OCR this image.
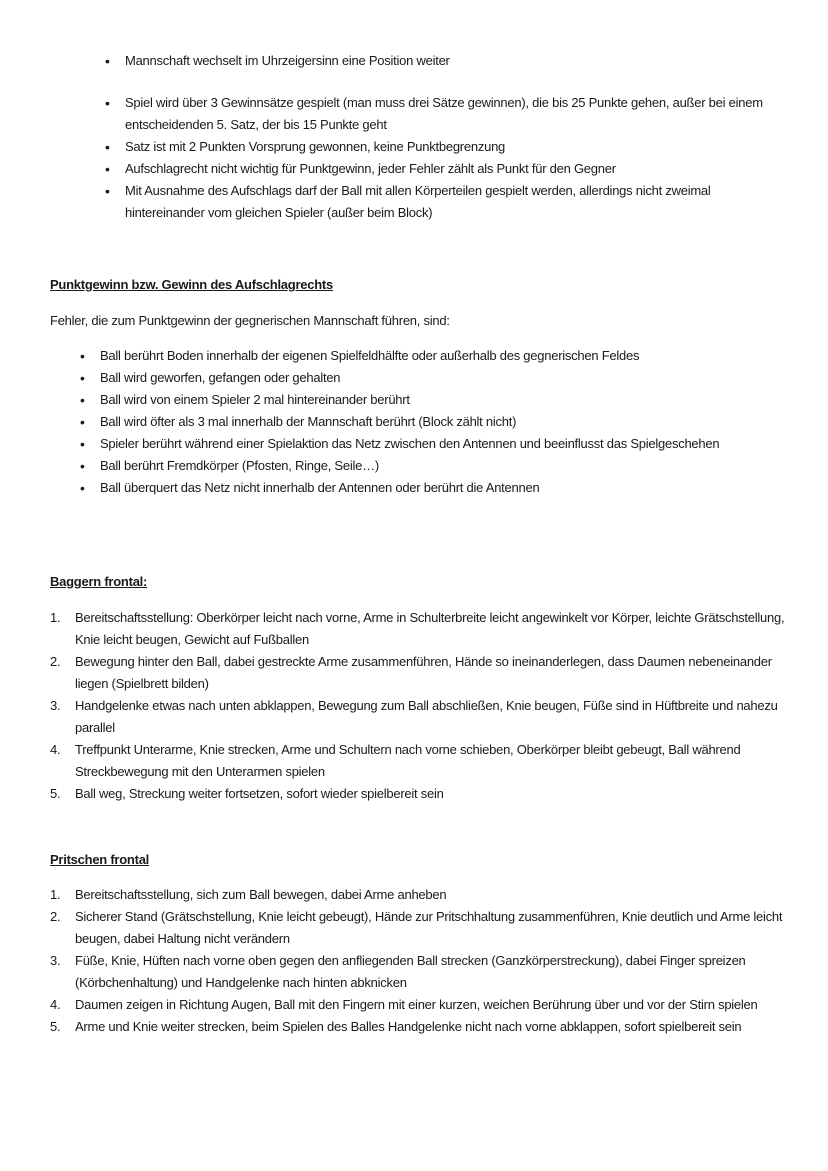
• Mannschaft wechselt im Uhrzeigersinn eine Position weiter
• Spiel wird über 3 Gewinnsätze gespielt (man muss drei Sätze gewinnen), die bis 25 Punkte gehen, außer bei einem entscheidenden 5. Satz, der bis 15 Punkte geht
• Satz ist mit 2 Punkten Vorsprung gewonnen, keine Punktbegrenzung
• Aufschlagrecht nicht wichtig für Punktgewinn, jeder Fehler zählt als Punkt für den Gegner
• Mit Ausnahme des Aufschlags darf der Ball mit allen Körperteilen gespielt werden, allerdings nicht zweimal hintereinander vom gleichen Spieler (außer beim Block)
Punktgewinn bzw. Gewinn des Aufschlagrechts

Fehler, die zum Punktgewinn der gegnerischen Mannschaft führen, sind:

• Ball berührt Boden innerhalb der eigenen Spielfeldhälfte oder außerhalb des gegnerischen Feldes
• Ball wird geworfen, gefangen oder gehalten
• Ball wird von einem Spieler 2 mal hintereinander berührt
• Ball wird öfter als 3 mal innerhalb der Mannschaft berührt (Block zählt nicht)
• Spieler berührt während einer Spielaktion das Netz zwischen den Antennen und beeinflusst das Spielgeschehen
• Ball berührt Fremdkörper (Pfosten, Ringe, Seile…)
• Ball überquert das Netz nicht innerhalb der Antennen oder berührt die Antennen
Baggern frontal:
1. Bereitschaftsstellung: Oberkörper leicht nach vorne, Arme in Schulterbreite leicht angewinkelt vor Körper, leichte Grätschstellung, Knie leicht beugen, Gewicht auf Fußballen
2. Bewegung hinter den Ball, dabei gestreckte Arme zusammenführen, Hände so ineinanderlegen, dass Daumen nebeneinander liegen (Spielbrett bilden)
3. Handgelenke etwas nach unten abklappen, Bewegung zum Ball abschließen, Knie beugen, Füße sind in Hüftbreite und nahezu parallel
4. Treffpunkt Unterarme, Knie strecken, Arme und Schultern nach vorne schieben, Oberkörper bleibt gebeugt, Ball während Streckbewegung mit den Unterarmen spielen
5. Ball weg, Streckung weiter fortsetzen, sofort wieder spielbereit sein
Pritschen frontal
1. Bereitschaftsstellung, sich zum Ball bewegen, dabei Arme anheben
2. Sicherer Stand (Grätschstellung, Knie leicht gebeugt), Hände zur Pritschhaltung zusammenführen, Knie deutlich und Arme leicht beugen, dabei Haltung nicht verändern
3. Füße, Knie, Hüften nach vorne oben gegen den anfliegenden Ball strecken (Ganzkörperstreckung), dabei Finger spreizen (Körbchenhaltung) und Handgelenke nach hinten abknicken
4. Daumen zeigen in Richtung Augen, Ball mit den Fingern mit einer kurzen, weichen Berührung über und vor der Stirn spielen
5. Arme und Knie weiter strecken, beim Spielen des Balles Handgelenke nicht nach vorne abklappen, sofort spielbereit sein
